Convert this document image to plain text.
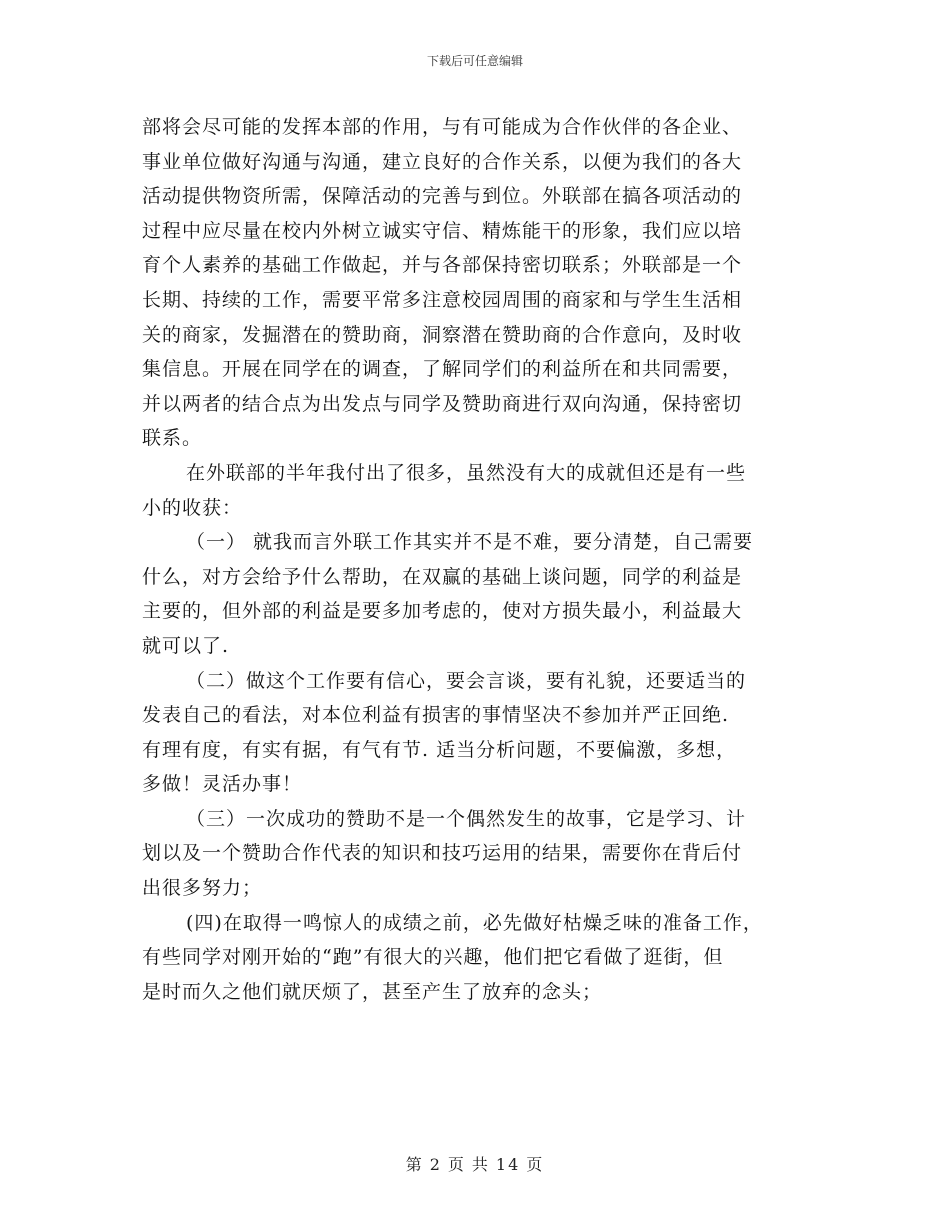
下载后可任意编辑

部将会尽可能的发挥本部的作用，与有可能成为合作伙伴的各企业、
事业单位做好沟通与沟通，建立良好的合作关系，以便为我们的各大
活动提供物资所需，保障活动的完善与到位。外联部在搞各项活动的
过程中应尽量在校内外树立诚实守信、精炼能干的形象，我们应以培
育个人素养的基础工作做起，并与各部保持密切联系；外联部是一个
长期、持续的工作，需要平常多注意校园周围的商家和与学生生活相
关的商家，发掘潜在的赞助商，洞察潜在赞助商的合作意向，及时收
集信息。开展在同学在的调查，了解同学们的利益所在和共同需要，
并以两者的结合点为出发点与同学及赞助商进行双向沟通，保持密切
联系。

在外联部的半年我付出了很多，虽然没有大的成就但还是有一些
小的收获：

（一） 就我而言外联工作其实并不是不难，要分清楚，自己需要
什么，对方会给予什么帮助，在双赢的基础上谈问题，同学的利益是
主要的，但外部的利益是要多加考虑的，使对方损失最小，利益最大
就可以了.

（二）做这个工作要有信心，要会言谈，要有礼貌，还要适当的
发表自己的看法，对本位利益有损害的事情坚决不参加并严正回绝.
有理有度，有实有据，有气有节. 适当分析问题，不要偏激，多想，
多做！灵活办事！

（三）一次成功的赞助不是一个偶然发生的故事，它是学习、计
划以及一个赞助合作代表的知识和技巧运用的结果，需要你在背后付
出很多努力；

(四)在取得一鸣惊人的成绩之前，必先做好枯燥乏味的准备工作，
有些同学对刚开始的“跑”有很大的兴趣，他们把它看做了逛街，但
是时而久之他们就厌烦了，甚至产生了放弃的念头；

第 2 页 共 14 页
